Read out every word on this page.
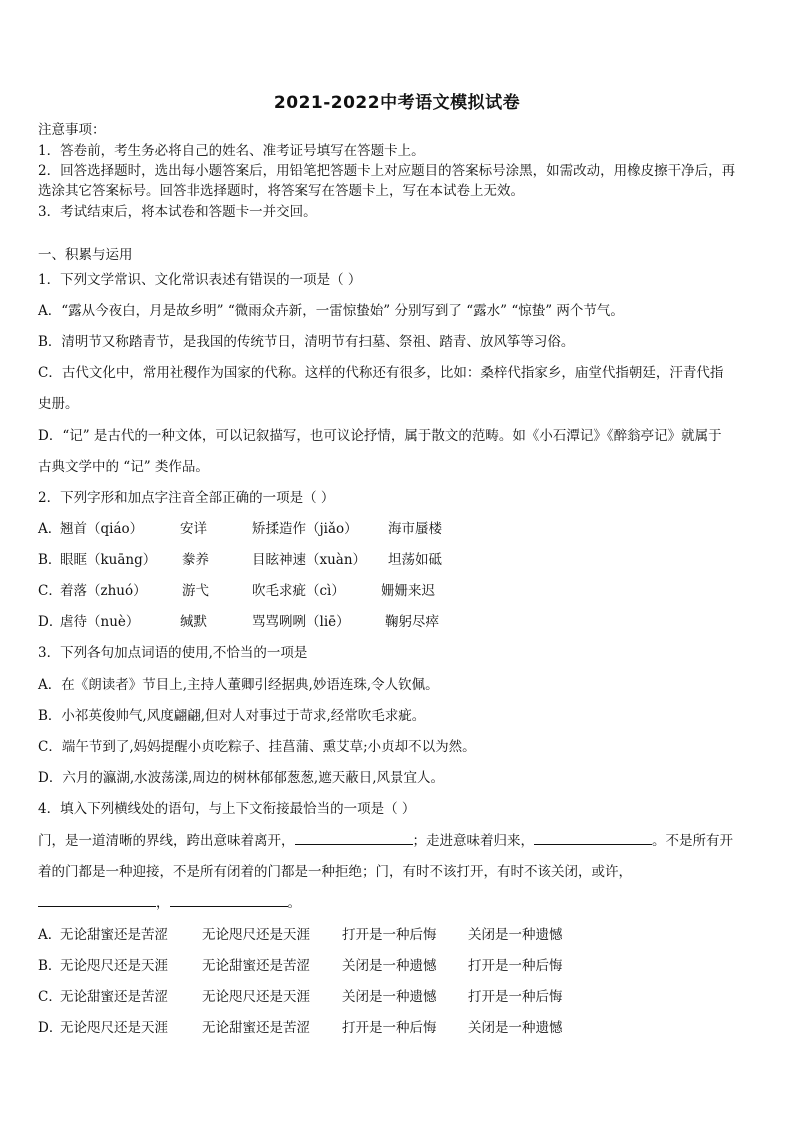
2021-2022中考语文模拟试卷
注意事项：
1．答卷前，考生务必将自己的姓名、准考证号填写在答题卡上。
2．回答选择题时，选出每小题答案后，用铅笔把答题卡上对应题目的答案标号涂黑，如需改动，用橡皮擦干净后，再
选涂其它答案标号。回答非选择题时，将答案写在答题卡上，写在本试卷上无效。
3．考试结束后，将本试卷和答题卡一并交回。
一、积累与运用
1．下列文学常识、文化常识表述有错误的一项是（ ）
A．“露从今夜白，月是故乡明” “微雨众卉新，一雷惊蛰始” 分别写到了 “露水” “惊蛰” 两个节气。
B．清明节又称踏青节，是我国的传统节日，清明节有扫墓、祭祖、踏青、放风筝等习俗。
C．古代文化中，常用社稷作为国家的代称。这样的代称还有很多，比如：桑梓代指家乡，庙堂代指朝廷，汗青代指
史册。
D．“记” 是古代的一种文体，可以记叙描写，也可议论抒情，属于散文的范畴。如《小石潭记》《醉翁亭记》就属于
古典文学中的 “记” 类作品。
2．下列字形和加点字注音全部正确的一项是（ ）
A．
翘首（qiáo）	安详	矫揉造作（jiǎo）	海市蜃楼
B．
眼眶（kuāng）	豢养	目眩神速（xuàn）	坦荡如砥
C．
着落（zhuó）	游弋	吹毛求疵（cì）	姗姗来迟
D．
虐待（nuè）	缄默	骂骂咧咧（liē）	鞠躬尽瘁
3．下列各句加点词语的使用,不恰当的一项是
A．在《朗读者》节目上,主持人董卿引经据典,妙语连珠,令人钦佩。
B．小祁英俊帅气,风度翩翩,但对人对事过于苛求,经常吹毛求疵。
C．端午节到了,妈妈提醒小贞吃粽子、挂菖蒲、熏艾草;小贞却不以为然。
D．六月的瀛湖,水波荡漾,周边的树林郁郁葱葱,遮天蔽日,风景宜人。
4．填入下列横线处的语句，与上下文衔接最恰当的一项是（ ）
门，是一道清晰的界线，跨出意味着离开，	；走进意味着归来，	。不是所有开
着的门都是一种迎接，不是所有闭着的门都是一种拒绝；门，有时不该打开，有时不该关闭，或许，
，	。
A．
无论甜蜜还是苦涩	无论咫尺还是天涯	打开是一种后悔	关闭是一种遗憾
B．
无论咫尺还是天涯	无论甜蜜还是苦涩	关闭是一种遗憾	打开是一种后悔
C．
无论甜蜜还是苦涩	无论咫尺还是天涯	关闭是一种遗憾	打开是一种后悔
D．
无论咫尺还是天涯	无论甜蜜还是苦涩	打开是一种后悔	关闭是一种遗憾
